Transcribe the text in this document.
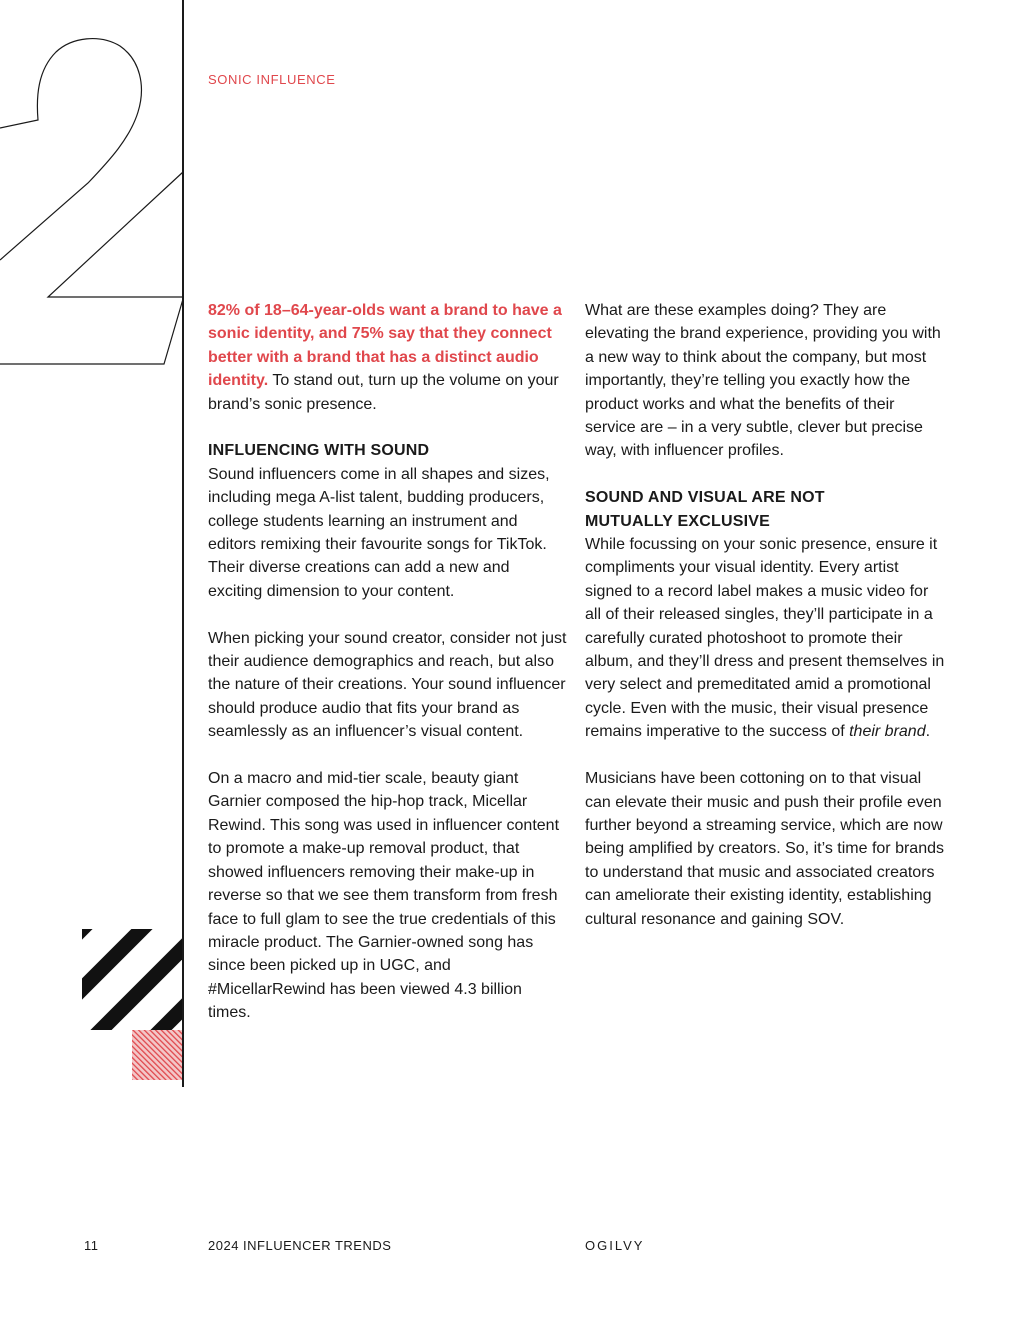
SONIC INFLUENCE

82% of 18–64-year-olds want a brand to have a sonic identity, and 75% say that they connect better with a brand that has a distinct audio identity. To stand out, turn up the volume on your brand’s sonic presence.

INFLUENCING WITH SOUND

Sound influencers come in all shapes and sizes, including mega A-list talent, budding producers, college students learning an instrument and editors remixing their favourite songs for TikTok. Their diverse creations can add a new and exciting dimension to your content.

When picking your sound creator, consider not just their audience demographics and reach, but also the nature of their creations. Your sound influencer should produce audio that fits your brand as seamlessly as an influencer’s visual content.

On a macro and mid-tier scale, beauty giant Garnier composed the hip-hop track, Micellar Rewind. This song was used in influencer content to promote a make-up removal product, that showed influencers removing their make-up in reverse so that we see them transform from fresh face to full glam to see the true credentials of this miracle product. The Garnier-owned song has since been picked up in UGC, and #MicellarRewind has been viewed 4.3 billion times.

What are these examples doing? They are elevating the brand experience, providing you with a new way to think about the company, but most importantly, they’re telling you exactly how the product works and what the benefits of their service are – in a very subtle, clever but precise way, with influencer profiles.

SOUND AND VISUAL ARE NOT
MUTUALLY EXCLUSIVE

While focussing on your sonic presence, ensure it compliments your visual identity. Every artist signed to a record label makes a music video for all of their released singles, they’ll participate in a carefully curated photoshoot to promote their album, and they’ll dress and present themselves in very select and premeditated amid a promotional cycle. Even with the music, their visual presence remains imperative to the success of their brand.

Musicians have been cottoning on to that visual can elevate their music and push their profile even further beyond a streaming service, which are now being amplified by creators. So, it’s time for brands to understand that music and associated creators can ameliorate their existing identity, establishing cultural resonance and gaining SOV.

11	2024 INFLUENCER TRENDS	OGILVY
